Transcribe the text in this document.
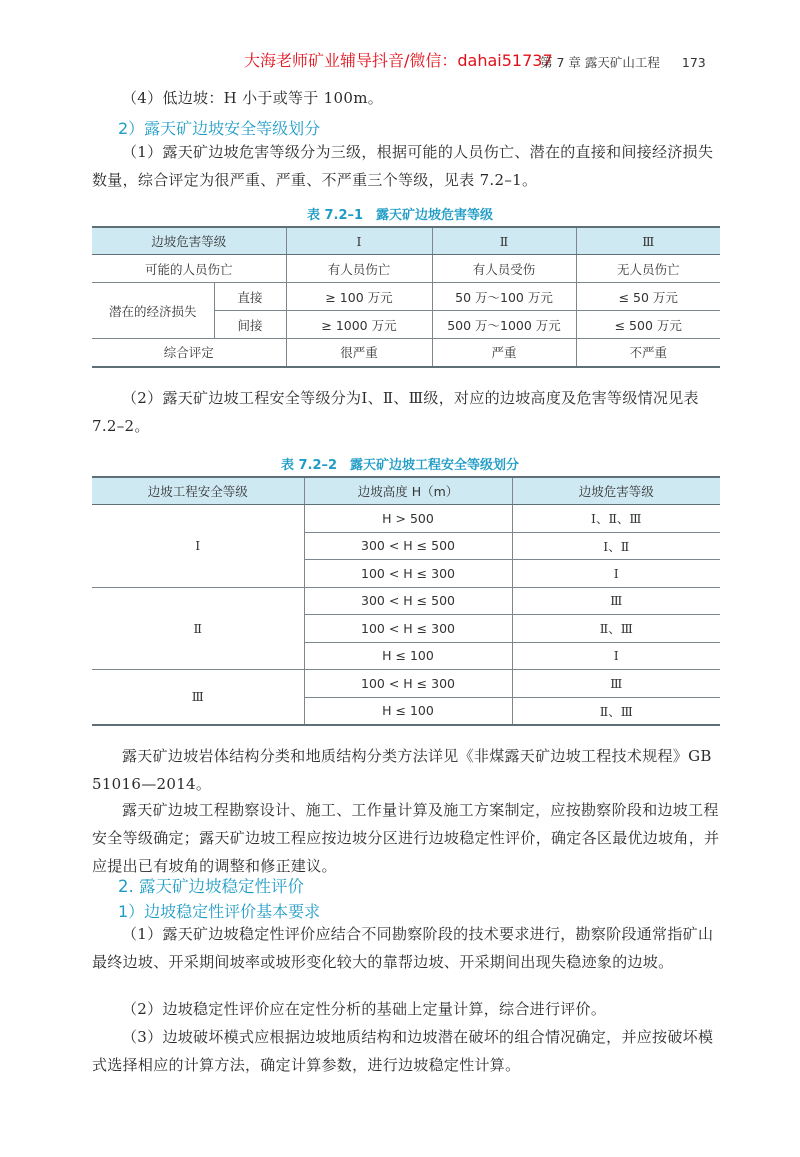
大海老师矿业辅导抖音/微信：dahai51737
第 7 章 露天矿山工程 173

（4）低边坡：H 小于或等于 100m。

2）露天矿边坡安全等级划分

（1）露天矿边坡危害等级分为三级，根据可能的人员伤亡、潜在的直接和间接经济损失数量，综合评定为很严重、严重、不严重三个等级，见表 7.2–1。

表 7.2–1　露天矿边坡危害等级
边坡危害等级		Ⅰ	Ⅱ	Ⅲ
可能的人员伤亡		有人员伤亡	有人员受伤	无人员伤亡
潜在的经济损失	直接	≥ 100 万元	50 万～100 万元	≤ 50 万元
	间接	≥ 1000 万元	500 万～1000 万元	≤ 500 万元
综合评定		很严重	严重	不严重

（2）露天矿边坡工程安全等级分为Ⅰ、Ⅱ、Ⅲ级，对应的边坡高度及危害等级情况见表 7.2–2。

表 7.2–2　露天矿边坡工程安全等级划分
边坡工程安全等级	边坡高度 H（m）	边坡危害等级
Ⅰ	H > 500	Ⅰ、Ⅱ、Ⅲ
	300 < H ≤ 500	Ⅰ、Ⅱ
	100 < H ≤ 300	Ⅰ
Ⅱ	300 < H ≤ 500	Ⅲ
	100 < H ≤ 300	Ⅱ、Ⅲ
	H ≤ 100	Ⅰ
Ⅲ	100 < H ≤ 300	Ⅲ
	H ≤ 100	Ⅱ、Ⅲ

露天矿边坡岩体结构分类和地质结构分类方法详见《非煤露天矿边坡工程技术规程》GB 51016—2014。

露天矿边坡工程勘察设计、施工、工作量计算及施工方案制定，应按勘察阶段和边坡工程安全等级确定；露天矿边坡工程应按边坡分区进行边坡稳定性评价，确定各区最优边坡角，并应提出已有坡角的调整和修正建议。

2. 露天矿边坡稳定性评价
1）边坡稳定性评价基本要求

（1）露天矿边坡稳定性评价应结合不同勘察阶段的技术要求进行，勘察阶段通常指矿山最终边坡、开采期间坡率或坡形变化较大的靠帮边坡、开采期间出现失稳迹象的边坡。

（2）边坡稳定性评价应在定性分析的基础上定量计算，综合进行评价。

（3）边坡破坏模式应根据边坡地质结构和边坡潜在破坏的组合情况确定，并应按破坏模式选择相应的计算方法，确定计算参数，进行边坡稳定性计算。
